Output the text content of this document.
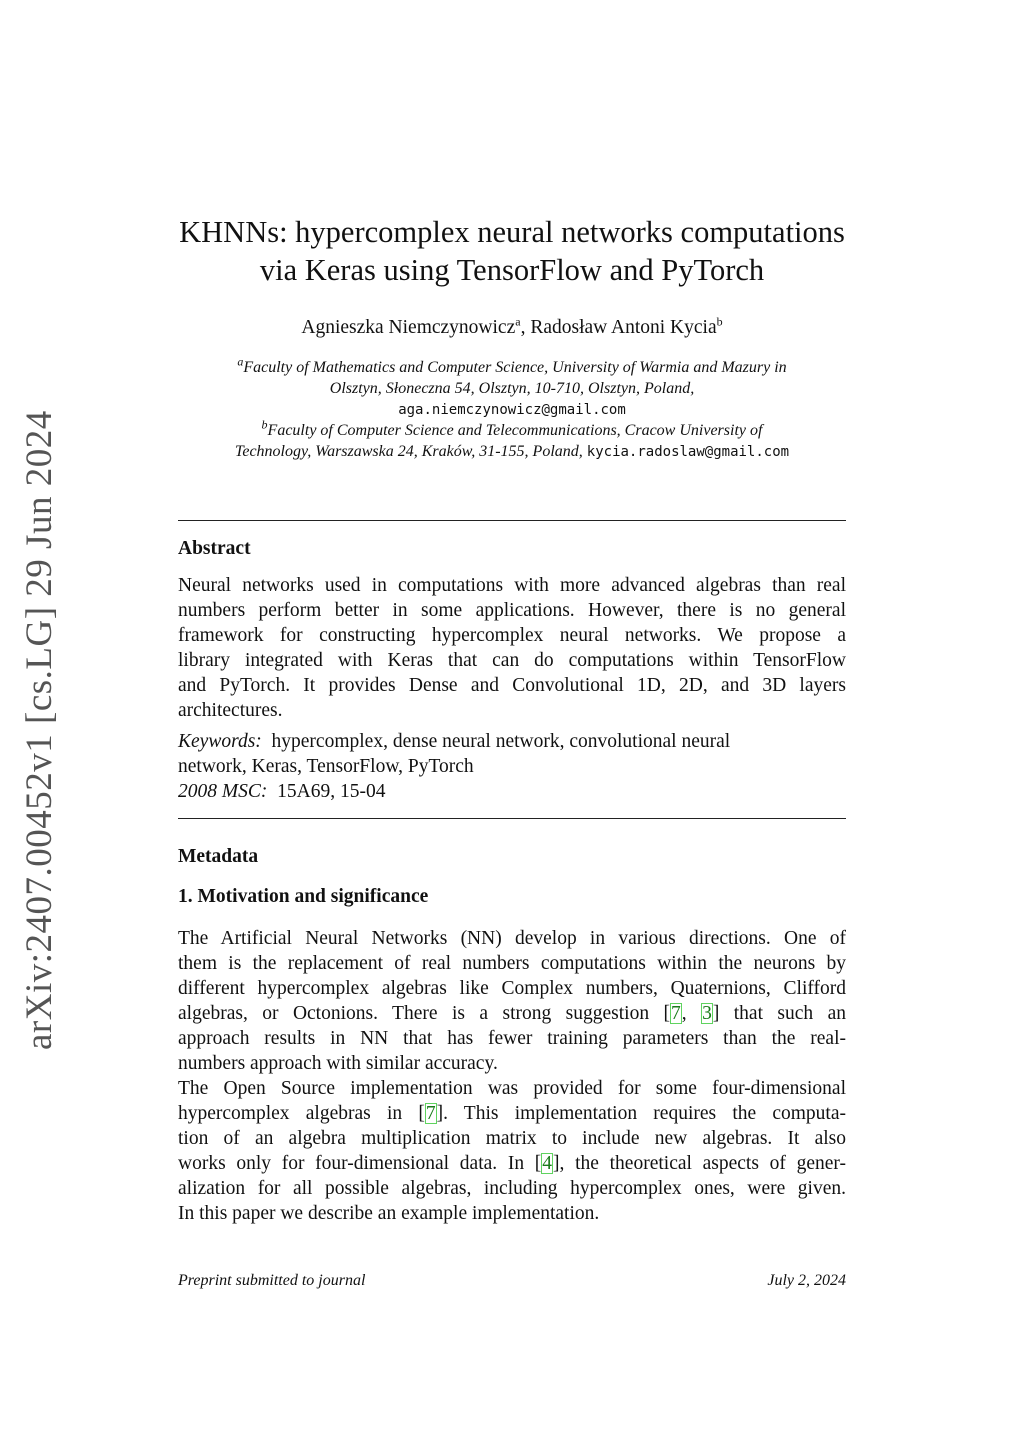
arXiv:2407.00452v1 [cs.LG] 29 Jun 2024
KHNNs: hypercomplex neural networks computations
via Keras using TensorFlow and PyTorch
Agnieszka Niemczynowicz$^a$, Radosław Antoni Kycia$^b$
$^a$Faculty of Mathematics and Computer Science, University of Warmia and Mazury in
Olsztyn, Słoneczna 54, Olsztyn, 10-710, Olsztyn, Poland,
aga.niemczynowicz@gmail.com
$^b$Faculty of Computer Science and Telecommunications, Cracow University of
Technology, Warszawska 24, Kraków, 31-155, Poland, kycia.radoslaw@gmail.com
Abstract
Neural networks used in computations with more advanced algebras than real
numbers perform better in some applications. However, there is no general
framework for constructing hypercomplex neural networks. We propose a
library integrated with Keras that can do computations within TensorFlow
and PyTorch. It provides Dense and Convolutional 1D, 2D, and 3D layers
architectures.
Keywords: hypercomplex, dense neural network, convolutional neural
network, Keras, TensorFlow, PyTorch
2008 MSC: 15A69, 15-04
Metadata
1. Motivation and significance
The Artificial Neural Networks (NN) develop in various directions. One of
them is the replacement of real numbers computations within the neurons by
different hypercomplex algebras like Complex numbers, Quaternions, Clifford
algebras, or Octonions. There is a strong suggestion [7, 3] that such an
approach results in NN that has fewer training parameters than the real-
numbers approach with similar accuracy.
The Open Source implementation was provided for some four-dimensional
hypercomplex algebras in [7]. This implementation requires the computa-
tion of an algebra multiplication matrix to include new algebras. It also
works only for four-dimensional data. In [4], the theoretical aspects of gener-
alization for all possible algebras, including hypercomplex ones, were given.
In this paper we describe an example implementation.
Preprint submitted to journal	July 2, 2024
